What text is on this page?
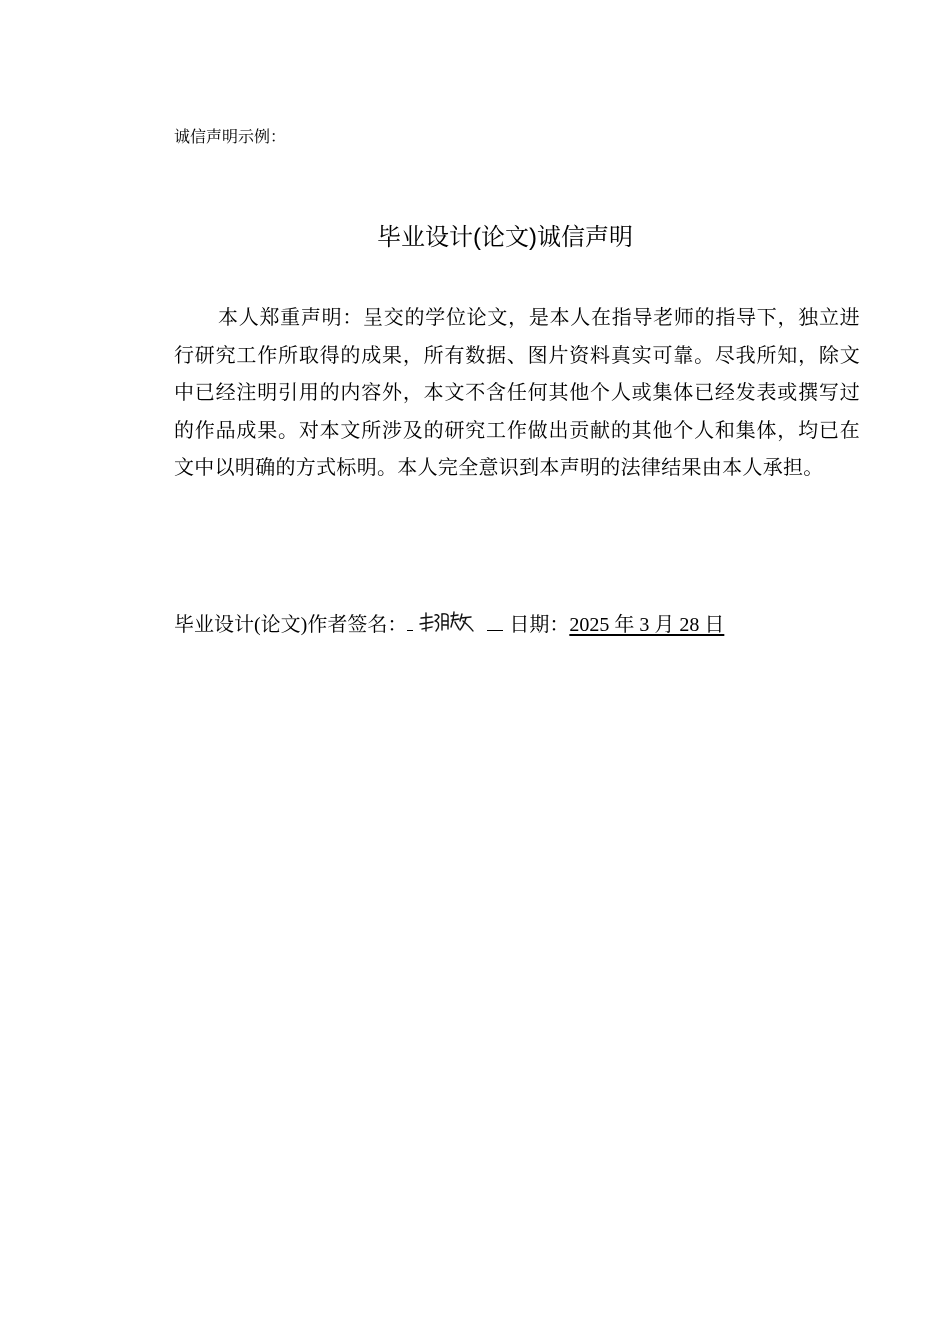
诚信声明示例：
毕业设计(论文)诚信声明
本人郑重声明：呈交的学位论文，是本人在指导老师的指导下，独立进行研究工作所取得的成果，所有数据、图片资料真实可靠。尽我所知，除文中已经注明引用的内容外，本文不含任何其他个人或集体已经发表或撰写过的作品成果。对本文所涉及的研究工作做出贡献的其他个人和集体，均已在文中以明确的方式标明。本人完全意识到本声明的法律结果由本人承担。
毕业设计(论文)作者签名：	日期： 2025 年 3 月 28 日
